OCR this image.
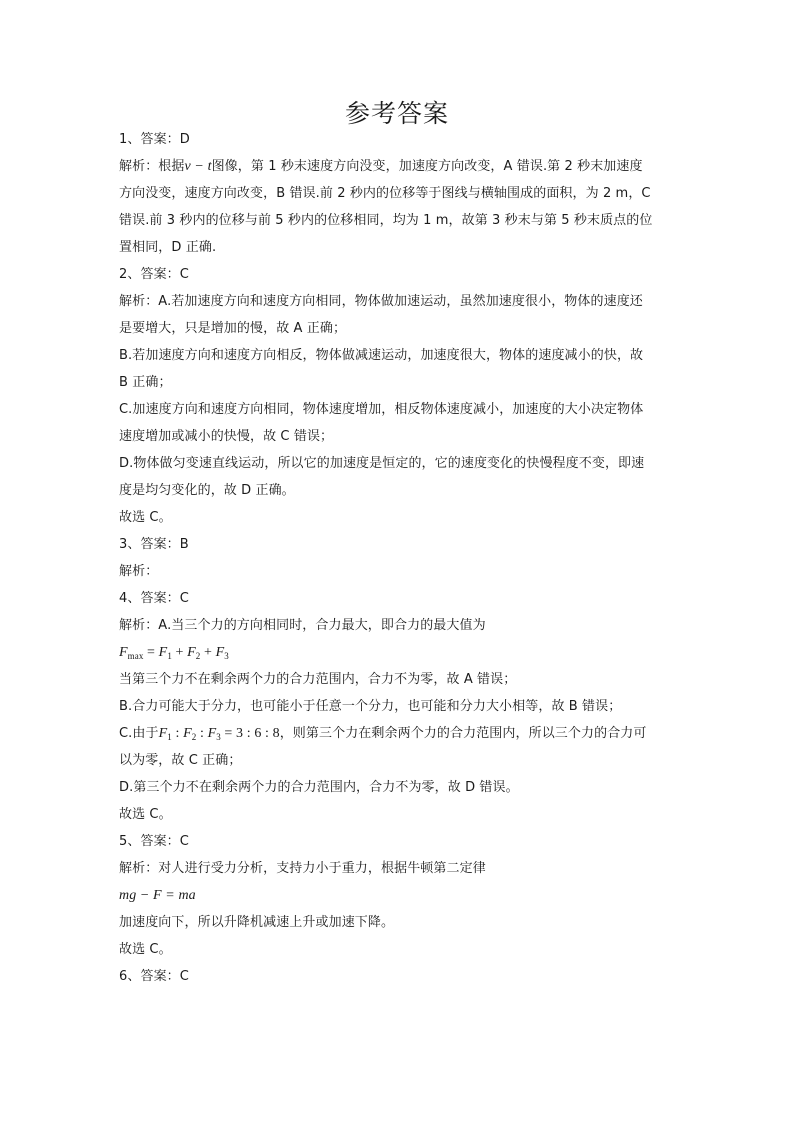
参考答案
1、答案：D
解析：根据v − t图像，第 1 秒末速度方向没变，加速度方向改变，A 错误.第 2 秒末加速度
方向没变，速度方向改变，B 错误.前 2 秒内的位移等于图线与横轴围成的面积，为 2 m，C
错误.前 3 秒内的位移与前 5 秒内的位移相同，均为 1 m，故第 3 秒末与第 5 秒末质点的位
置相同，D 正确.
2、答案：C
解析：A.若加速度方向和速度方向相同，物体做加速运动，虽然加速度很小，物体的速度还
是要增大，只是增加的慢，故 A 正确；
B.若加速度方向和速度方向相反，物体做减速运动，加速度很大，物体的速度减小的快，故
B 正确；
C.加速度方向和速度方向相同，物体速度增加，相反物体速度减小，加速度的大小决定物体
速度增加或减小的快慢，故 C 错误；
D.物体做匀变速直线运动，所以它的加速度是恒定的，它的速度变化的快慢程度不变，即速
度是均匀变化的，故 D 正确。
故选 C。
3、答案：B
解析：
4、答案：C
解析：A.当三个力的方向相同时，合力最大，即合力的最大值为
$F_{max} = F_1 + F_2 + F_3$
当第三个力不在剩余两个力的合力范围内，合力不为零，故 A 错误；
B.合力可能大于分力，也可能小于任意一个分力，也可能和分力大小相等，故 B 错误；
C.由于$F_1$ : $F_2$ : $F_3 = 3$ : 6 : 8，则第三个力在剩余两个力的合力范围内，所以三个力的合力可
以为零，故 C 正确；
D.第三个力不在剩余两个力的合力范围内，合力不为零，故 D 错误。
故选 C。
5、答案：C
解析：对人进行受力分析，支持力小于重力，根据牛顿第二定律
mg − F = ma
加速度向下，所以升降机减速上升或加速下降。
故选 C。
6、答案：C
